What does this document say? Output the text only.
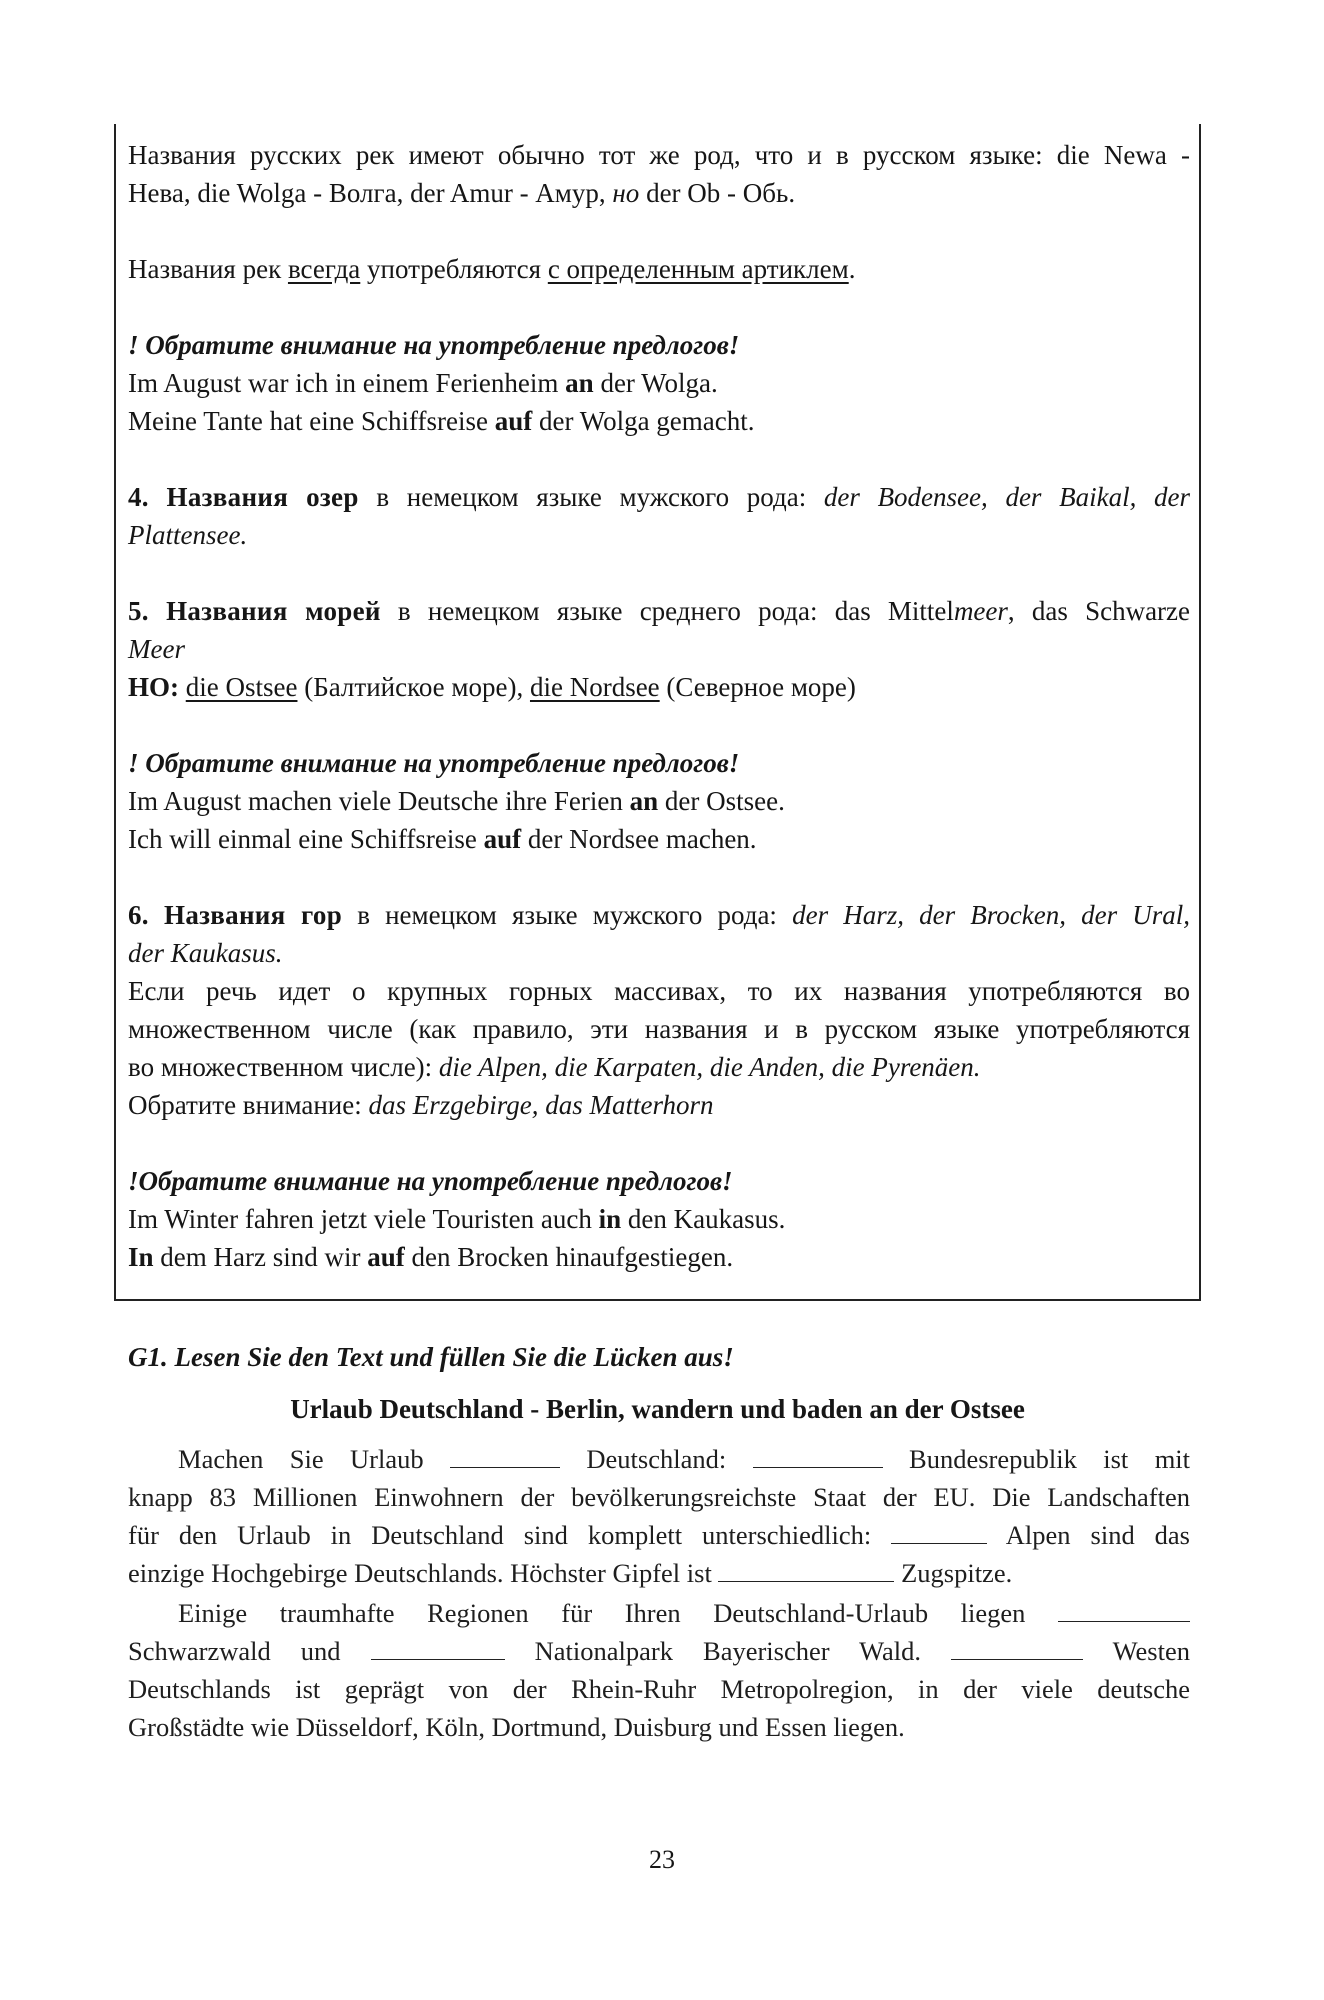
Названия русских рек имеют обычно тот же род, что и в русском языке: die Newa -
Нева, die Wolga - Волга, der Amur - Амур, но der Ob - Обь.
Названия рек всегда употребляются с определенным артиклем.
! Обратите внимание на употребление предлогов!
Im August war ich in einem Ferienheim an der Wolga.
Meine Tante hat eine Schiffsreise auf der Wolga gemacht.
4. Названия озер в немецком языке мужского рода: der Bodensee, der Baikal, der
Plattensee.
5. Названия морей в немецком языке среднего рода: das Mittelmeer, das Schwarze
Meer
НО: die Ostsee (Балтийское море), die Nordsee (Северное море)
! Обратите внимание на употребление предлогов!
Im August machen viele Deutsche ihre Ferien an der Ostsee.
Ich will einmal eine Schiffsreise auf der Nordsee machen.
6. Названия гор в немецком языке мужского рода: der Harz, der Brocken, der Ural,
der Kaukasus.
Если речь идет о крупных горных массивах, то их названия употребляются во
множественном числе (как правило, эти названия и в русском языке употребляются
во множественном числе): die Alpen, die Karpaten, die Anden, die Pyrenäen.
Обратите внимание: das Erzgebirge, das Matterhorn
!Обратите внимание на употребление предлогов!
Im Winter fahren jetzt viele Touristen auch in den Kaukasus.
In dem Harz sind wir auf den Brocken hinaufgestiegen.
G1. Lesen Sie den Text und füllen Sie die Lücken aus!
Urlaub Deutschland - Berlin, wandern und baden an der Ostsee
Machen Sie Urlaub	Deutschland:	Bundesrepublik ist mit
knapp 83 Millionen Einwohnern der bevölkerungsreichste Staat der EU. Die Landschaften
für den Urlaub in Deutschland sind komplett unterschiedlich:	Alpen sind das
einzige Hochgebirge Deutschlands. Höchster Gipfel ist	Zugspitze.
Einige traumhafte Regionen für Ihren Deutschland-Urlaub liegen
Schwarzwald und	Nationalpark Bayerischer Wald.	Westen
Deutschlands ist geprägt von der Rhein-Ruhr Metropolregion, in der viele deutsche
Großstädte wie Düsseldorf, Köln, Dortmund, Duisburg und Essen liegen.
23
